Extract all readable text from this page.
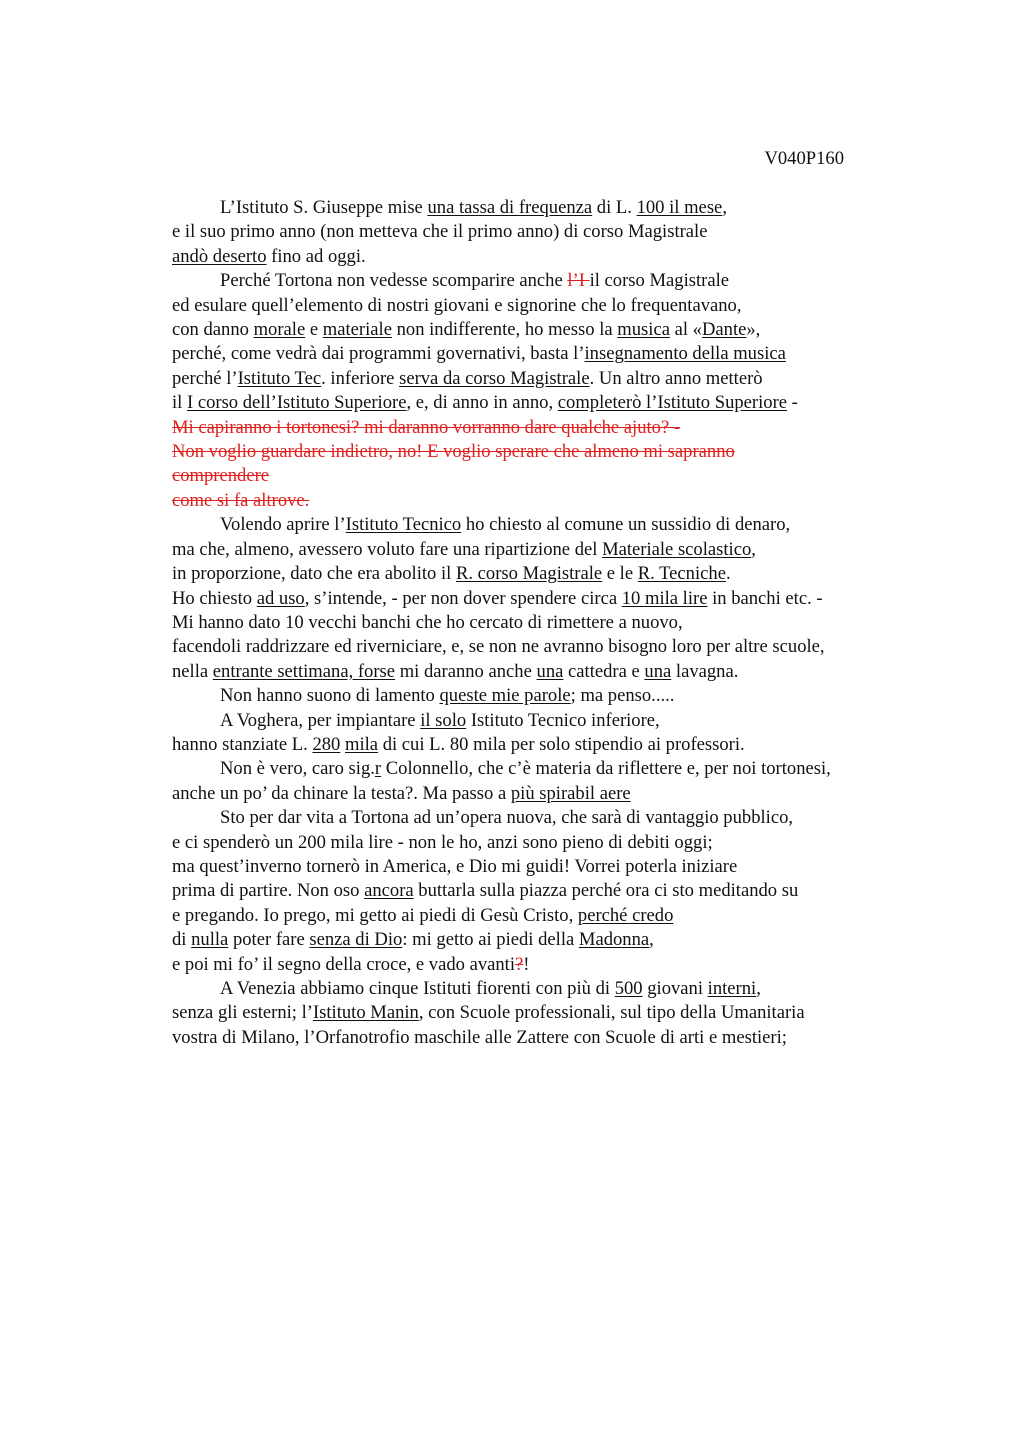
V040P160
L’Istituto S. Giuseppe mise una tassa di frequenza di L. 100 il mese,
e il suo primo anno (non metteva che il primo anno) di corso Magistrale
andò deserto fino ad oggi.
Perché Tortona non vedesse scomparire anche l’I il corso Magistrale
ed esulare quell’elemento di nostri giovani e signorine che lo frequentavano,
con danno morale e materiale non indifferente, ho messo la musica al «Dante»,
perché, come vedrà dai programmi governativi, basta l’insegnamento della musica
perché l’Istituto Tec. inferiore serva da corso Magistrale. Un altro anno metterò
il I corso dell’Istituto Superiore, e, di anno in anno, completerò l’Istituto Superiore -
Mi capiranno i tortonesi? mi daranno vorranno dare qualche ajuto? -
Non voglio guardare indietro, no! E voglio sperare che almeno mi sapranno
comprendere
come si fa altrove.
Volendo aprire l’Istituto Tecnico ho chiesto al comune un sussidio di denaro,
ma che, almeno, avessero voluto fare una ripartizione del Materiale scolastico,
in proporzione, dato che era abolito il R. corso Magistrale e le R. Tecniche.
Ho chiesto ad uso, s’intende, - per non dover spendere circa 10 mila lire in banchi etc. -
Mi hanno dato 10 vecchi banchi che ho cercato di rimettere a nuovo,
facendoli raddrizzare ed riverniciare, e, se non ne avranno bisogno loro per altre scuole,
nella entrante settimana, forse mi daranno anche una cattedra e una lavagna.
Non hanno suono di lamento queste mie parole; ma penso.....
A Voghera, per impiantare il solo Istituto Tecnico inferiore,
hanno stanziate L. 280 mila di cui L. 80 mila per solo stipendio ai professori.
Non è vero, caro sig.r Colonnello, che c’è materia da riflettere e, per noi tortonesi,
anche un po’ da chinare la testa?. Ma passo a più spirabil aere
Sto per dar vita a Tortona ad un’opera nuova, che sarà di vantaggio pubblico,
e ci spenderò un 200 mila lire - non le ho, anzi sono pieno di debiti oggi;
ma quest’inverno tornerò in America, e Dio mi guidi! Vorrei poterla iniziare
prima di partire. Non oso ancora buttarla sulla piazza perché ora ci sto meditando su
e pregando. Io prego, mi getto ai piedi di Gesù Cristo, perché credo
di nulla poter fare senza di Dio: mi getto ai piedi della Madonna,
e poi mi fo’ il segno della croce, e vado avanti?!
A Venezia abbiamo cinque Istituti fiorenti con più di 500 giovani interni,
senza gli esterni; l’Istituto Manin, con Scuole professionali, sul tipo della Umanitaria
vostra di Milano, l’Orfanotrofio maschile alle Zattere con Scuole di arti e mestieri;
